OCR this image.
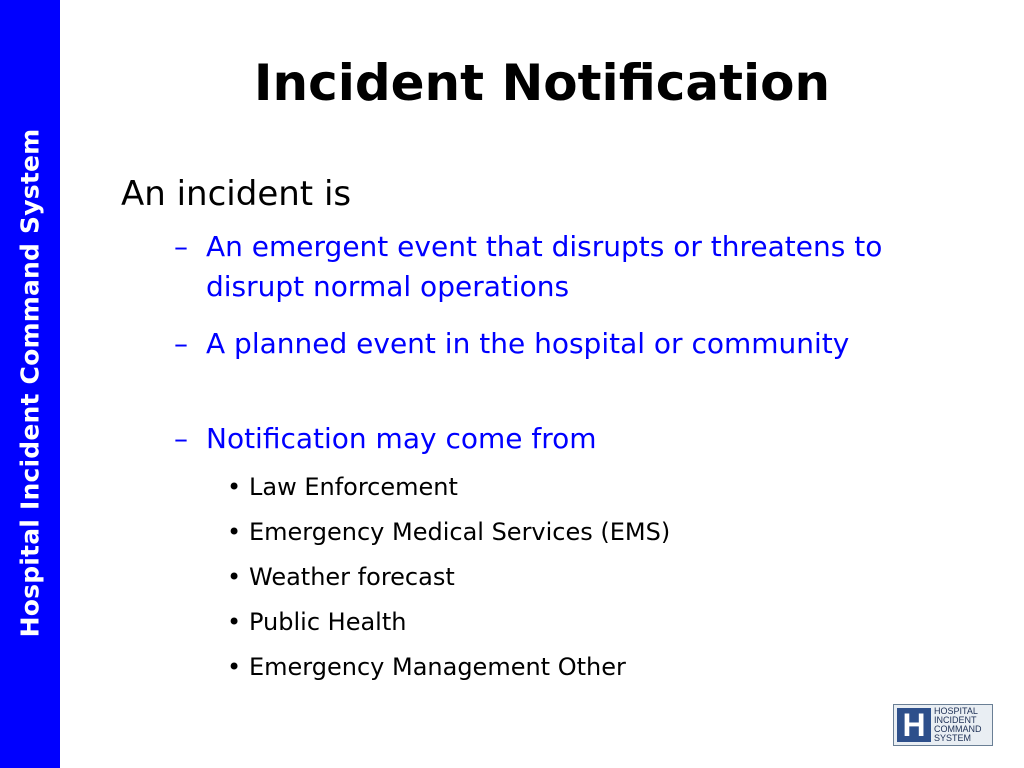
Hospital Incident Command System
Incident Notification
An incident is
– An emergent event that disrupts or threatens to disrupt normal operations
– A planned event in the hospital or community
– Notification may come from
• Law Enforcement
• Emergency Medical Services (EMS)
• Weather forecast
• Public Health
• Emergency Management Other
H HOSPITAL
INCIDENT
COMMAND
SYSTEM
